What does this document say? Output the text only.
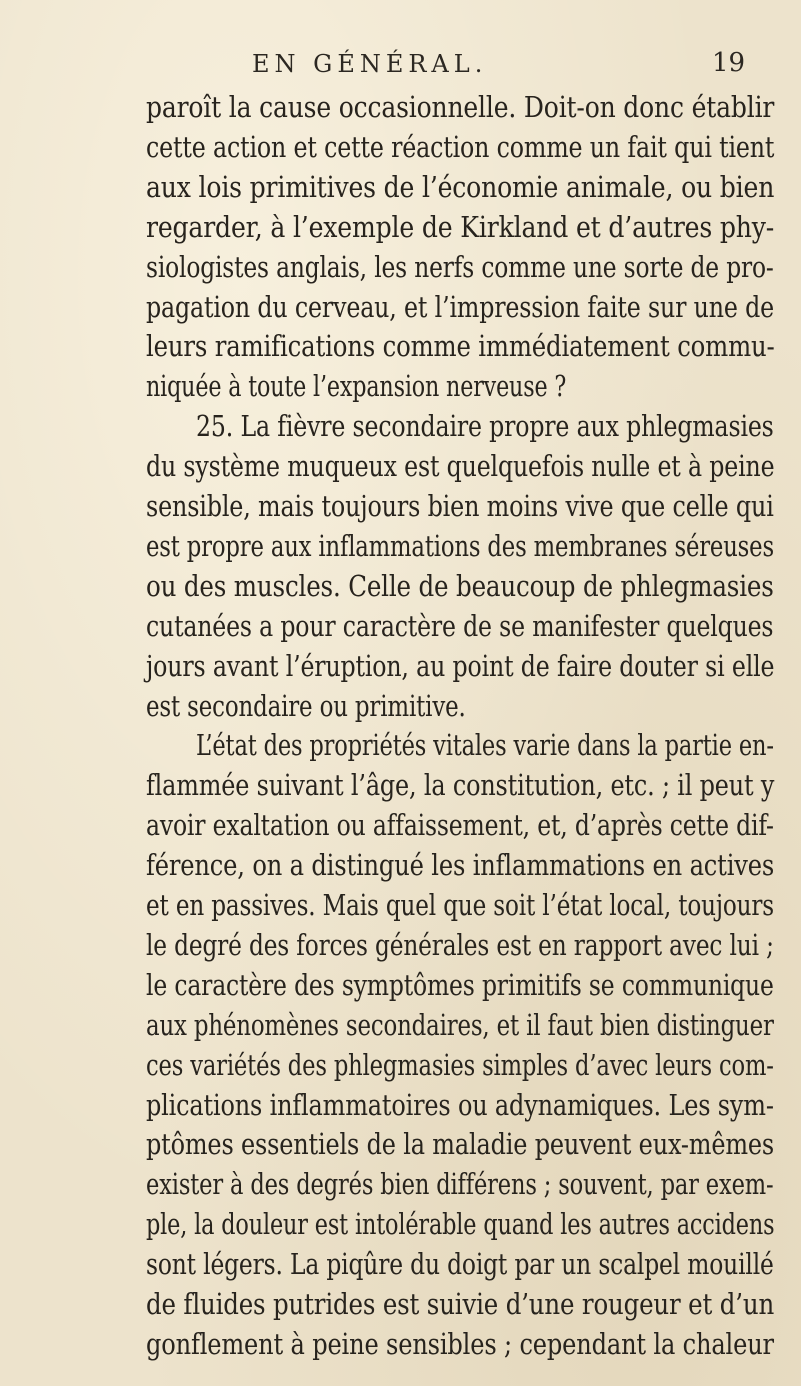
EN GÉNÉRAL.	19
paroît la cause occasionnelle. Doit-on donc établir
cette action et cette réaction comme un fait qui tient
aux lois primitives de l’économie animale, ou bien
regarder, à l’exemple de Kirkland et d’autres phy-
siologistes anglais, les nerfs comme une sorte de pro-
pagation du cerveau, et l’impression faite sur une de
leurs ramifications comme immédiatement commu-
niquée à toute l’expansion nerveuse ?
25. La fièvre secondaire propre aux phlegmasies
du système muqueux est quelquefois nulle et à peine
sensible, mais toujours bien moins vive que celle qui
est propre aux inflammations des membranes séreuses
ou des muscles. Celle de beaucoup de phlegmasies
cutanées a pour caractère de se manifester quelques
jours avant l’éruption, au point de faire douter si elle
est secondaire ou primitive.
L’état des propriétés vitales varie dans la partie en-
flammée suivant l’âge, la constitution, etc. ; il peut y
avoir exaltation ou affaissement, et, d’après cette dif-
férence, on a distingué les inflammations en actives
et en passives. Mais quel que soit l’état local, toujours
le degré des forces générales est en rapport avec lui ;
le caractère des symptômes primitifs se communique
aux phénomènes secondaires, et il faut bien distinguer
ces variétés des phlegmasies simples d’avec leurs com-
plications inflammatoires ou adynamiques. Les sym-
ptômes essentiels de la maladie peuvent eux-mêmes
exister à des degrés bien différens ; souvent, par exem-
ple, la douleur est intolérable quand les autres accidens
sont légers. La piqûre du doigt par un scalpel mouillé
de fluides putrides est suivie d’une rougeur et d’un
gonflement à peine sensibles ; cependant la chaleur
